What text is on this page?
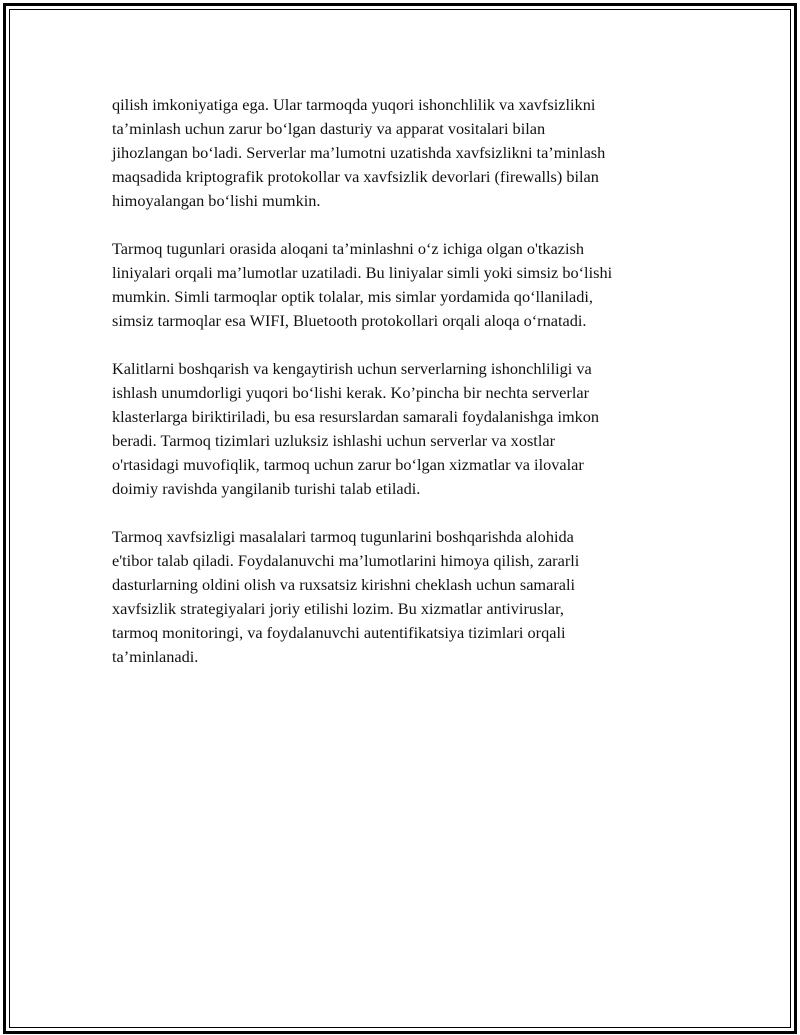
qilish imkoniyatiga ega. Ular tarmoqda yuqori ishonchlilik va xavfsizlikni
ta’minlash uchun zarur bo‘lgan dasturiy va apparat vositalari bilan
jihozlangan bo‘ladi. Serverlar ma’lumotni uzatishda xavfsizlikni ta’minlash
maqsadida kriptografik protokollar va xavfsizlik devorlari (firewalls) bilan
himoyalangan bo‘lishi mumkin.

Tarmoq tugunlari orasida aloqani ta’minlashni o‘z ichiga olgan o'tkazish
liniyalari orqali ma’lumotlar uzatiladi. Bu liniyalar simli yoki simsiz bo‘lishi
mumkin. Simli tarmoqlar optik tolalar, mis simlar yordamida qo‘llaniladi,
simsiz tarmoqlar esa WIFI, Bluetooth protokollari orqali aloqa o‘rnatadi.

Kalitlarni boshqarish va kengaytirish uchun serverlarning ishonchliligi va
ishlash unumdorligi yuqori bo‘lishi kerak. Ko’pincha bir nechta serverlar
klasterlarga biriktiriladi, bu esa resurslardan samarali foydalanishga imkon
beradi. Tarmoq tizimlari uzluksiz ishlashi uchun serverlar va xostlar
o'rtasidagi muvofiqlik, tarmoq uchun zarur bo‘lgan xizmatlar va ilovalar
doimiy ravishda yangilanib turishi talab etiladi.

Tarmoq xavfsizligi masalalari tarmoq tugunlarini boshqarishda alohida
e'tibor talab qiladi. Foydalanuvchi ma’lumotlarini himoya qilish, zararli
dasturlarning oldini olish va ruxsatsiz kirishni cheklash uchun samarali
xavfsizlik strategiyalari joriy etilishi lozim. Bu xizmatlar antiviruslar,
tarmoq monitoringi, va foydalanuvchi autentifikatsiya tizimlari orqali
ta’minlanadi.
